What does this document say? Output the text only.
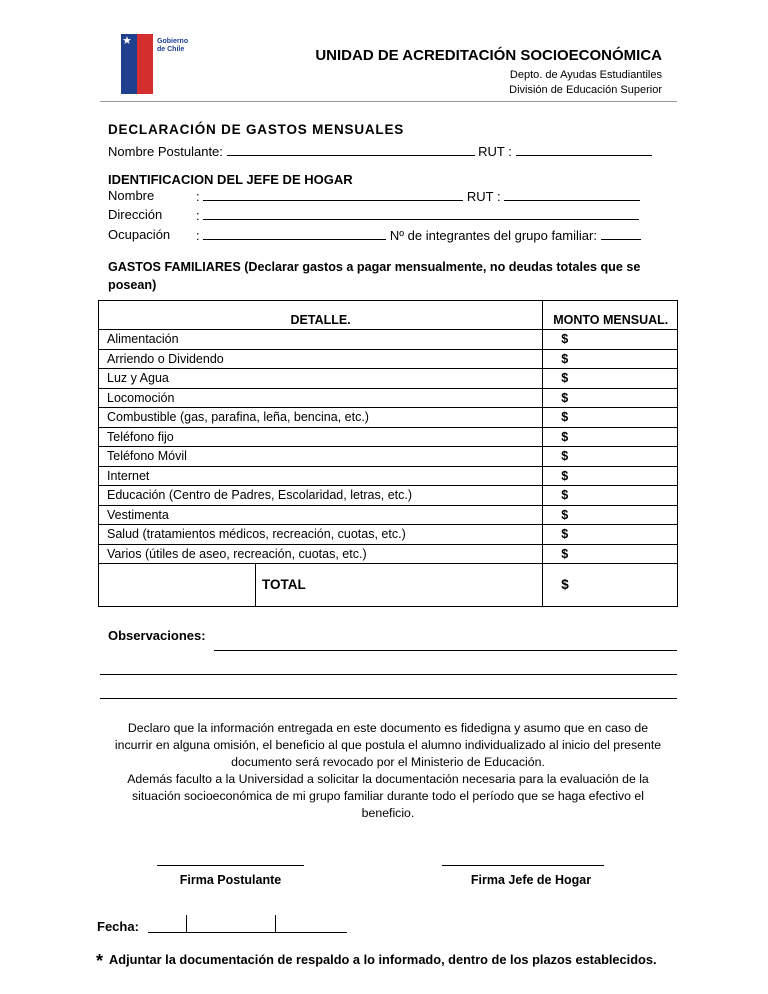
★	Gobierno
de Chile	UNIDAD DE ACREDITACIÓN SOCIOECONÓMICA
Depto. de Ayudas Estudiantiles
División de Educación Superior
DECLARACIÓN DE GASTOS MENSUALES
Nombre Postulante:	RUT :
IDENTIFICACION DEL JEFE DE HOGAR
Nombre	:	RUT :
Dirección	:
Ocupación :	Nº de integrantes del grupo familiar:
GASTOS FAMILIARES (Declarar gastos a pagar mensualmente, no deudas totales que se
posean)
DETALLE.	MONTO MENSUAL.
Alimentación	$
Arriendo o Dividendo	$
Luz y Agua	$
Locomoción	$
Combustible (gas, parafina, leña, bencina, etc.)	$
Teléfono fijo	$
Teléfono Móvil	$
Internet	$
Educación (Centro de Padres, Escolaridad, letras, etc.)	$
Vestimenta	$
Salud (tratamientos médicos, recreación, cuotas, etc.)	$
Varios (útiles de aseo, recreación, cuotas, etc.)	$

TOTAL	$
Observaciones:
Declaro que la información entregada en este documento es fidedigna y asumo que en caso de
incurrir en alguna omisión, el beneficio al que postula el alumno individualizado al inicio del presente
documento será revocado por el Ministerio de Educación.
Además faculto a la Universidad a solicitar la documentación necesaria para la evaluación de la
situación socioeconómica de mi grupo familiar durante todo el período que se haga efectivo el
beneficio.
Firma Postulante	Firma Jefe de Hogar
Fecha:
* Adjuntar la documentación de respaldo a lo informado, dentro de los plazos establecidos.
